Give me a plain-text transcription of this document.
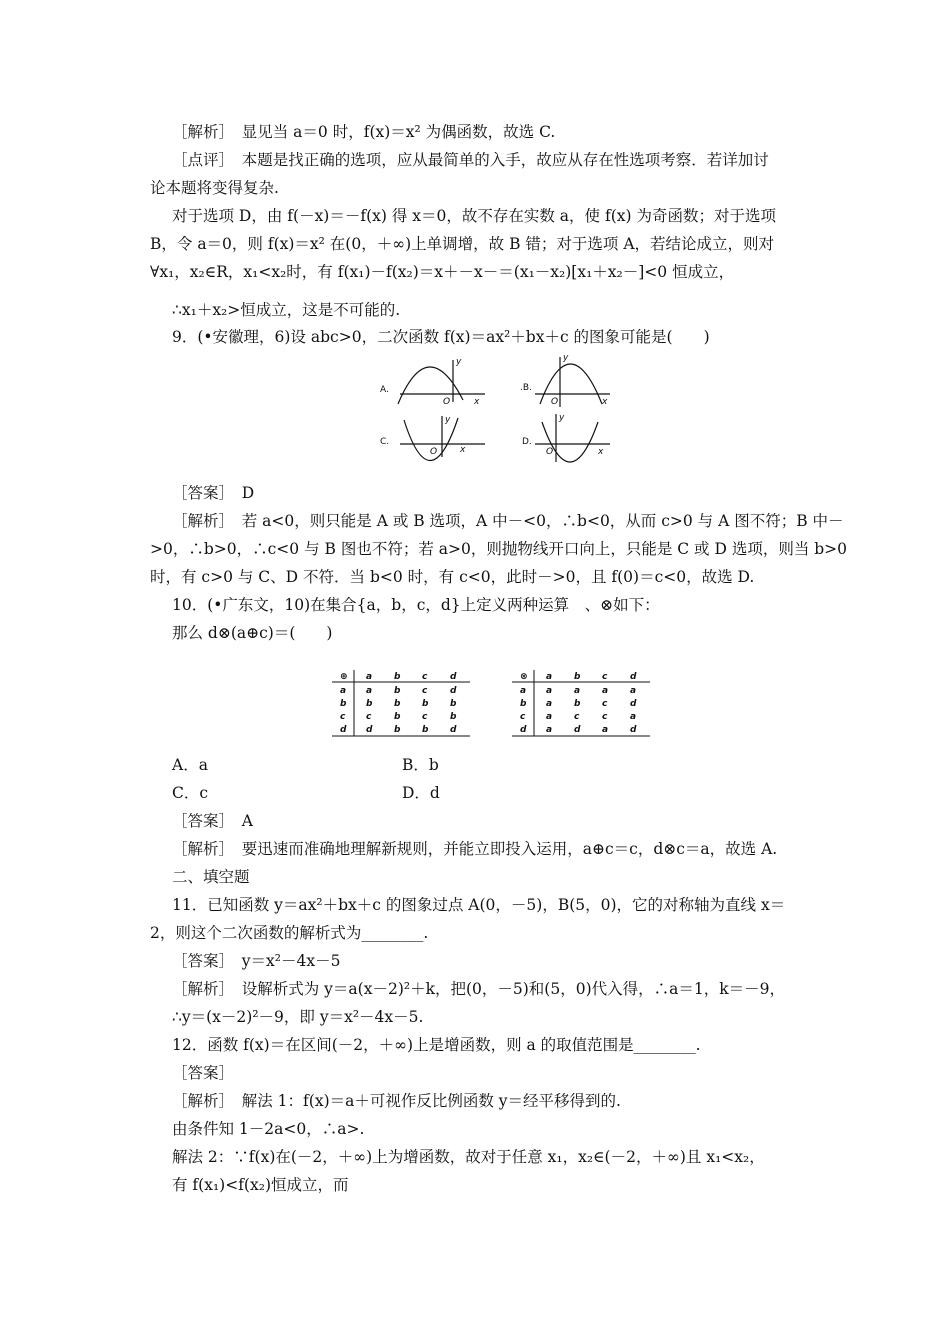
［解析］　显见当 a＝0 时，f(x)＝x² 为偶函数，故选 C.
［点评］　本题是找正确的选项，应从最简单的入手，故应从存在性选项考察．若详加讨
论本题将变得复杂.
对于选项 D，由 f(－x)＝－f(x) 得 x＝0，故不存在实数 a，使 f(x) 为奇函数；对于选项
B，令 a＝0，则 f(x)＝x² 在(0，＋∞)上单调增，故 B 错；对于选项 A，若结论成立，则对
∀x₁，x₂∈R，x₁<x₂时，有 f(x₁)－f(x₂)＝x＋－x－＝(x₁－x₂)[x₁＋x₂－]<0 恒成立，
∴x₁＋x₂>恒成立，这是不可能的.
9．(•安徽理，6)设 abc>0，二次函数 f(x)＝ax²＋bx＋c 的图象可能是(　　)
A.	.B.
C.	D.
y
x
O
y
x
O
y
x
O
y
x
O
［答案］　D
［解析］　若 a<0，则只能是 A 或 B 选项，A 中－<0，∴b<0，从而 c>0 与 A 图不符；B 中－
>0，∴b>0，∴c<0 与 B 图也不符；若 a>0，则抛物线开口向上，只能是 C 或 D 选项，则当 b>0
时，有 c>0 与 C、D 不符．当 b<0 时，有 c<0，此时－>0，且 f(0)＝c<0，故选 D.
10．(•广东文，10)在集合{a，b，c，d}上定义两种运算　、⊗如下：
那么 d⊗(a⊕c)＝(　　)
⊕ a b c	d
a a b c	d
b b b b b
c c	b c	b
d d b b d
⊗ a b c	d
a a a a a
b a b c	d
c a c	c	a
d a d a d
A．a	B．b
C．c	D．d
［答案］　A
［解析］　要迅速而准确地理解新规则，并能立即投入运用，a⊕c＝c，d⊗c＝a，故选 A.
二、填空题
11．已知函数 y＝ax²＋bx＋c 的图象过点 A(0，－5)，B(5，0)，它的对称轴为直线 x＝
2，则这个二次函数的解析式为________.
［答案］　y＝x²－4x－5
［解析］　设解析式为 y＝a(x－2)²＋k，把(0，－5)和(5，0)代入得，∴a＝1，k＝－9，
∴y＝(x－2)²－9，即 y＝x²－4x－5.
12．函数 f(x)＝在区间(－2，＋∞)上是增函数，则 a 的取值范围是________.
［答案］
［解析］　解法 1：f(x)＝a＋可视作反比例函数 y＝经平移得到的.
由条件知 1－2a<0，∴a>.
解法 2：∵f(x)在(－2，＋∞)上为增函数，故对于任意 x₁，x₂∈(－2，＋∞)且 x₁<x₂，
有 f(x₁)<f(x₂)恒成立，而
